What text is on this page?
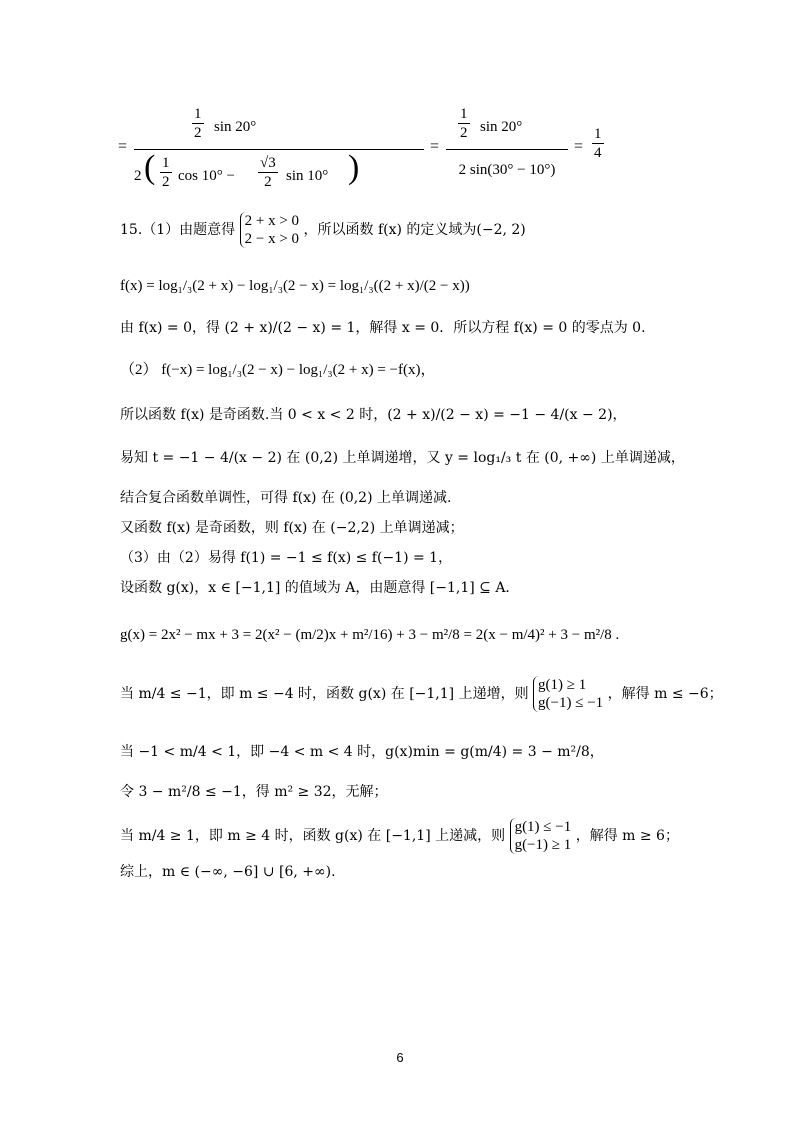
=
$\frac{1}{2}$ sin 20°
2 ( $\frac{1}{2}$ $\cos 10^\circ - \frac{√3}{2}$ sin 10° )
=
$\frac{1}{2}$ sin 20°
2 sin(30° − 10°)
= $\frac{1}{4}$
15.（1）由题意得
2 + x > 0
2 − x > 0
，所以函数 f(x) 的定义域为(−2, 2)
f(x) = log₁/₃(2 + x) − log₁/₃(2 − x) = log₁/₃((2 + x)/(2 − x))
由 f(x) = 0，得 (2 + x)/(2 − x) = 1，解得 x = 0．所以方程 f(x) = 0 的零点为 0.
（2） f(−x) = log₁/₃(2 − x) − log₁/₃(2 + x) = −f(x)，
所以函数 f(x) 是奇函数.当 0 < x < 2 时，(2 + x)/(2 − x) = −1 − 4/(x − 2)，
易知 t = −1 − 4/(x − 2) 在 (0,2) 上单调递增，又 y = log₁/₃ t 在 (0, +∞) 上单调递减，
结合复合函数单调性，可得 f(x) 在 (0,2) 上单调递减.
又函数 f(x) 是奇函数，则 f(x) 在 (−2,2) 上单调递减；
（3）由（2）易得 f(1) = −1 ≤ f(x) ≤ f(−1) = 1，
设函数 g(x)，x ∈ [−1,1] 的值域为 A，由题意得 [−1,1] ⊆ A．
g(x) = 2x² − mx + 3 = 2(x² − (m/2)x + m²/16) + 3 − m²/8 = 2(x − m/4)² + 3 − m²/8 .
当 m/4 ≤ −1，即 m ≤ −4 时，函数 g(x) 在 [−1,1] 上递增，则
g(1) ≥ 1
g(−1) ≤ −1
，解得 m ≤ −6；
当 −1 < m/4 < 1，即 −4 < m < 4 时，g(x)min = g(m/4) = 3 − m²/8，
令 3 − m²/8 ≤ −1，得 m² ≥ 32，无解；
当 m/4 ≥ 1，即 m ≥ 4 时，函数 g(x) 在 [−1,1] 上递减，则
g(1) ≤ −1
g(−1) ≥ 1
，解得 m ≥ 6；
综上，m ∈ (−∞, −6] ∪ [6, +∞).
6
